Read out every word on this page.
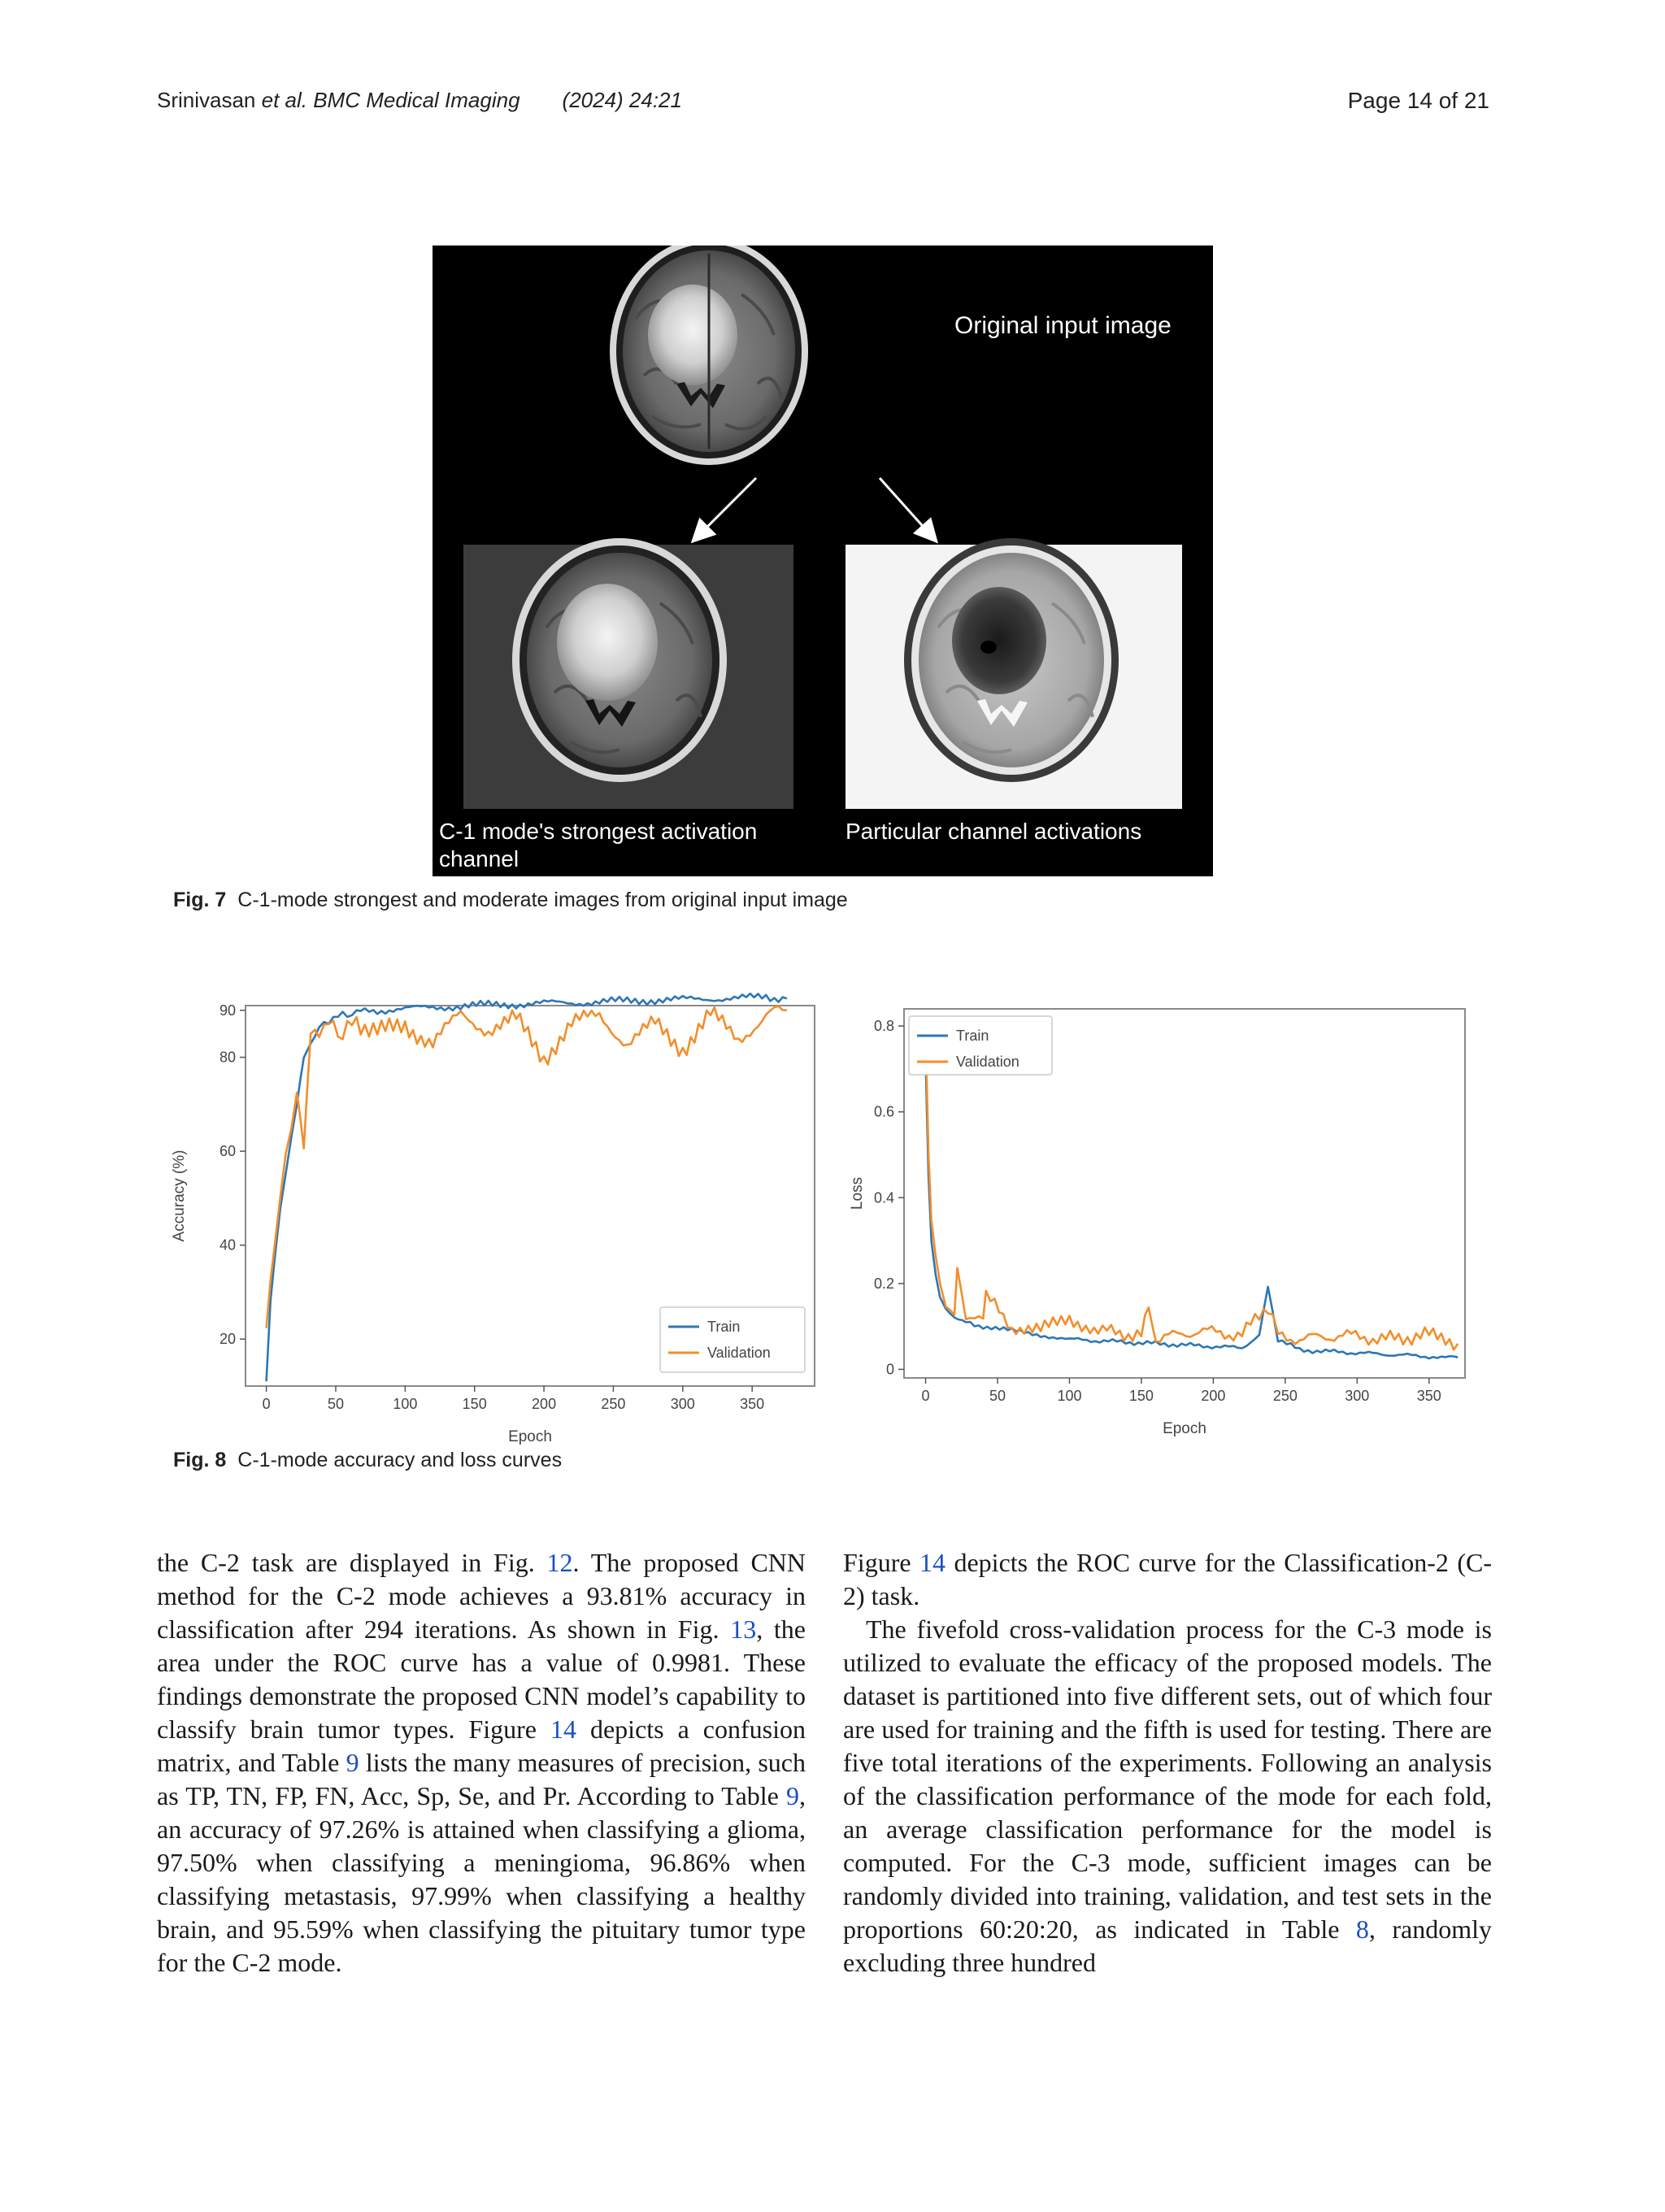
Srinivasan et al. BMC Medical Imaging (2024) 24:21	Page 14 of 21
Original input image
C-1 mode's strongest activation
channel
Particular channel activations
Fig. 7 C-1-mode strongest and moderate images from original input image
0	50	100	150	200	250	300	350
20
40
60
80
90
Epoch
Accuracy (%)
Train
Validation
0	50	100	150	200	250	300	350
0
0.2
0.4
0.6
0.8
Epoch
Loss
Train
Validation
Fig. 8 C-1-mode accuracy and loss curves

the C-2 task are displayed in Fig. 12. The proposed CNN method for the C-2 mode achieves a 93.81% accuracy in classification after 294 iterations. As shown in Fig. 13, the area under the ROC curve has a value of 0.9981. These findings demonstrate the proposed CNN model’s capability to classify brain tumor types. Figure 14 depicts a confusion matrix, and Table 9 lists the many measures of precision, such as TP, TN, FP, FN, Acc, Sp, Se, and Pr. According to Table 9, an accuracy of 97.26% is attained when classifying a glioma, 97.50% when classifying a meningioma, 96.86% when classifying metastasis, 97.99% when classifying a healthy brain, and 95.59% when classifying the pituitary tumor type for the C-2 mode.

Figure 14 depicts the ROC curve for the Classification-2 (C-2) task.

The fivefold cross-validation process for the C-3 mode is utilized to evaluate the efficacy of the proposed models. The dataset is partitioned into five different sets, out of which four are used for training and the fifth is used for testing. There are five total iterations of the experiments. Following an analysis of the classification performance of the mode for each fold, an average classification performance for the model is computed. For the C-3 mode, sufficient images can be randomly divided into training, validation, and test sets in the proportions 60:20:20, as indicated in Table 8, randomly excluding three hundred
